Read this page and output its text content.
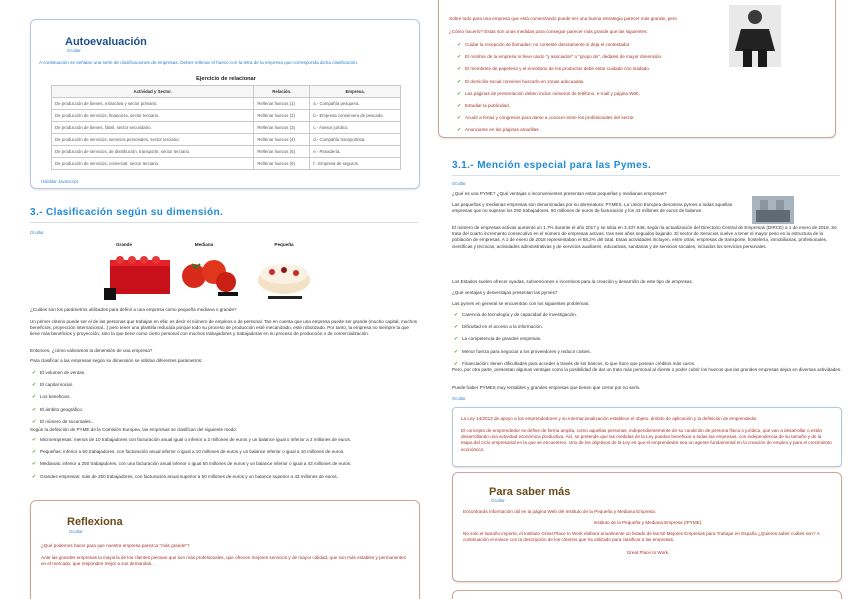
Autoevaluación
Ocultar

A continuación se señalan una serie de clasificaciones de empresas. Debes rellenar el hueco con la letra de la empresa que corresponda dicha clasificación.

Ejercicio de relacionar
Actividad y Sector.	Relación.	Empresa.
De producción de bienes, extractiva y sector primario.	Rellenar huecos (1)	a.- Compañía pesquera.
De producción de servicios, financiera, sector terciario.	Rellenar huecos (2)	b.- Empresa conservera de pescado.
De producción de bienes, fabril, sector secundario.	Rellenar huecos (3)	c.- Asesor jurídico.
De producción de servicios, servicios personales, sector terciario.	Rellenar huecos (4)	d.- Compañía transportista.
De producción de servicios, de distribución, transporte, sector terciario.	Rellenar huecos (5)	e.- Panadería.
De producción de servicios, comercial, sector terciario.	Rellenar huecos (6)	f.- Empresa de seguros.
Habilitar JavaScript
3.- Clasificación según su dimensión.
Ocultar
Grande	Mediana	Pequeña

¿Cuáles son los parámetros utilizados para definir a una empresa como pequeña mediana o grande?

Un primer criterio puede ser el de las personas que trabajan en ella: es decir el número de empleos o de personal. Tan en cuenta que una empresa puede ser grande (mucho capital, muchos beneficios, proyección internacional...) pero tener una plantilla reducida porque todo su proceso de producción esté mecanizado, esté robotizado. Por tanto, la empresa no siempre la que tiene más beneficios y proyección, sino la que tiene como cierto personal con muchos trabajadores y trabajadoras en su proceso de producción o de comercialización.

Entonces, ¿cómo valoramos la dimensión de una empresa?

Para clasificar a las empresas según su dimensión se utilizan diferentes parámetros:

✔ El volumen de ventas.
✔ El capital social.
✔ Los beneficios.
✔ El ámbito geográfico.
✔ El número de sucursales...

Según la definición de PYME de la Comisión Europea, las empresas se clasifican del siguiente modo:

✔ Microempresas: menos de 10 trabajadores con facturación anual igual o inferior a 2 millones de euros y un balance igual o inferior a 2 millones de euros.
✔ Pequeñas: inferior a 50 trabajadores, con facturación anual inferior o igual a 10 millones de euros y un balance inferior o igual a 10 millones de euros.
✔ Medianas: inferior a 250 trabajadores, con una facturación anual inferior o igual 50 millones de euros y un balance inferior o igual a 43 millones de euros.
✔ Grandes empresas: más de 250 trabajadores, con facturación anual superior a 50 millones de euros y un balance superior a 43 millones de euros.
Reflexiona
Ocultar

¿Qué podemos hacer para que nuestra empresa parezca "más grande"?

Ante las grandes empresas la mayoría de los clientes piensan que son más profesionales, que ofrecen mejores servicios y de mayor calidad, que son más estables y permanentes en el mercado, que responden mejor a sus demandas...

Sobre todo para una empresa que está comenzando puede ser una buena estrategia parecer más grande, pero

¿Cómo hacerlo? Éstas son unas medidas para conseguir parecer más grande que las siguientes:

✔ Cuidar la recepción de llamadas: no conteste directamente si deja el contestador.
✔ El nombre de la empresa ni lleve unido "y asociados" o "grupo de", dedales de mayor dimensión.
✔ El membrete de papelería y el envoltorio de los productos debe estar cuidado con suidado.
✔ El domicilio social conviene buscarlo en zonas adecuadas.
✔ Las páginas de presentación deben incluir números de teléfono, e-mail y página Web.
✔ Estudiar la publicidad.
✔ Acudir a ferias y congresos para darse a conocer entre los profesionales del sector.
✔ Anunciarse en las páginas amarillas.
3.1.- Mención especial para las Pymes.
Ocultar

¿Qué es una PYME? ¿Qué ventajas o inconvenientes presentan estas pequeñas y medianas empresas?

Las pequeñas y medianas empresas son denominadas por su abreviatura: PYMES. La Unión Europea denomina pymes a todas aquellas empresas que no superan los 250 trabajadores, 50 millones de euros de facturación y los 43 millones de euros de balance.

El número de empresas activas aumentó un 1,7% durante el año 2017 y se sitúa en 3.337.646, según la actualización del Directorio Central de Empresas (DIRCE) a 1 de enero de 2018. Se trata del cuarto incremento consecutivo en el número de empresas activas, tras seis años seguidos bajando. El sector de Servicios vuelve a tener el mayor peso en la estructura de la población de empresas. A 1 de enero de 2018 representaban el 58,2% del total. Estas actividades incluyen, entre otras, empresas de transporte, hostelería, inmobiliarias, profesionales, científicas y técnicas, actividades administrativas y de servicios auxiliares, educativas, sanitarias y de servicios sociales, incluidos los servicios personales.

Los Estados suelen ofrecer ayudas, subvenciones e incentivos para la creación y desarrollo de este tipo de empresas.

¿Qué ventajas y desventajas presentan las pymes?

Las pymes en general se encuentran con los siguientes problemas:

✔ Carencia de tecnología y de capacidad de investigación.
✔ Dificultad en el acceso a la información.
✔ La competencia de grandes empresas.
✔ Menor fuerza para negociar a los proveedores y reducir costes.
✔ Financiación: tienen dificultades para acceder a través de los bancos, lo que hace que posean créditos más caros.

Pero, por otra parte, presentan algunas ventajas como la posibilidad de dar un trato más personal al cliente o poder cubrir los huecos que las grandes empresas dejan en diversas actividades.

Puede haber PYMES muy rentables y grandes empresas que tienen que cerrar por no serlo.

Ocultar

La Ley 14/2013 de apoyo a los emprendedores y su internacionalización establece el objeto, ámbito de aplicación y la definición de emprendedor.

El concepto de emprendedor se define de forma amplia, como aquellas personas, independientemente de su condición de persona física o jurídica, que van a desarrollar o están desarrollando una actividad económica productiva. Así, se pretende que las medidas de la Ley puedan beneficiar a todas las empresas, con independencia de su tamaño y de la etapa del ciclo empresarial en la que se encuentren. Uno de los objetivos de la Ley es que el emprendedor sea un agente fundamental en la creación de empleo y para el crecimiento económico.

Para saber más
Ocultar

Encontrarás información útil en la página Web del Instituto de la Pequeña y Mediana Empresa:

Instituto de la Pequeña y Mediana Empresa (IPYME).

No solo el tamaño importa, el Instituto Great Place to Work elabora anualmente un listado de las 50 Mejores Empresas para Trabajar en España ¿Quieres saber cuáles son? A continuación el enlace con la descripción de los criterios que ha utilizado para clasificar a las empresas.

Great Place to Work.
